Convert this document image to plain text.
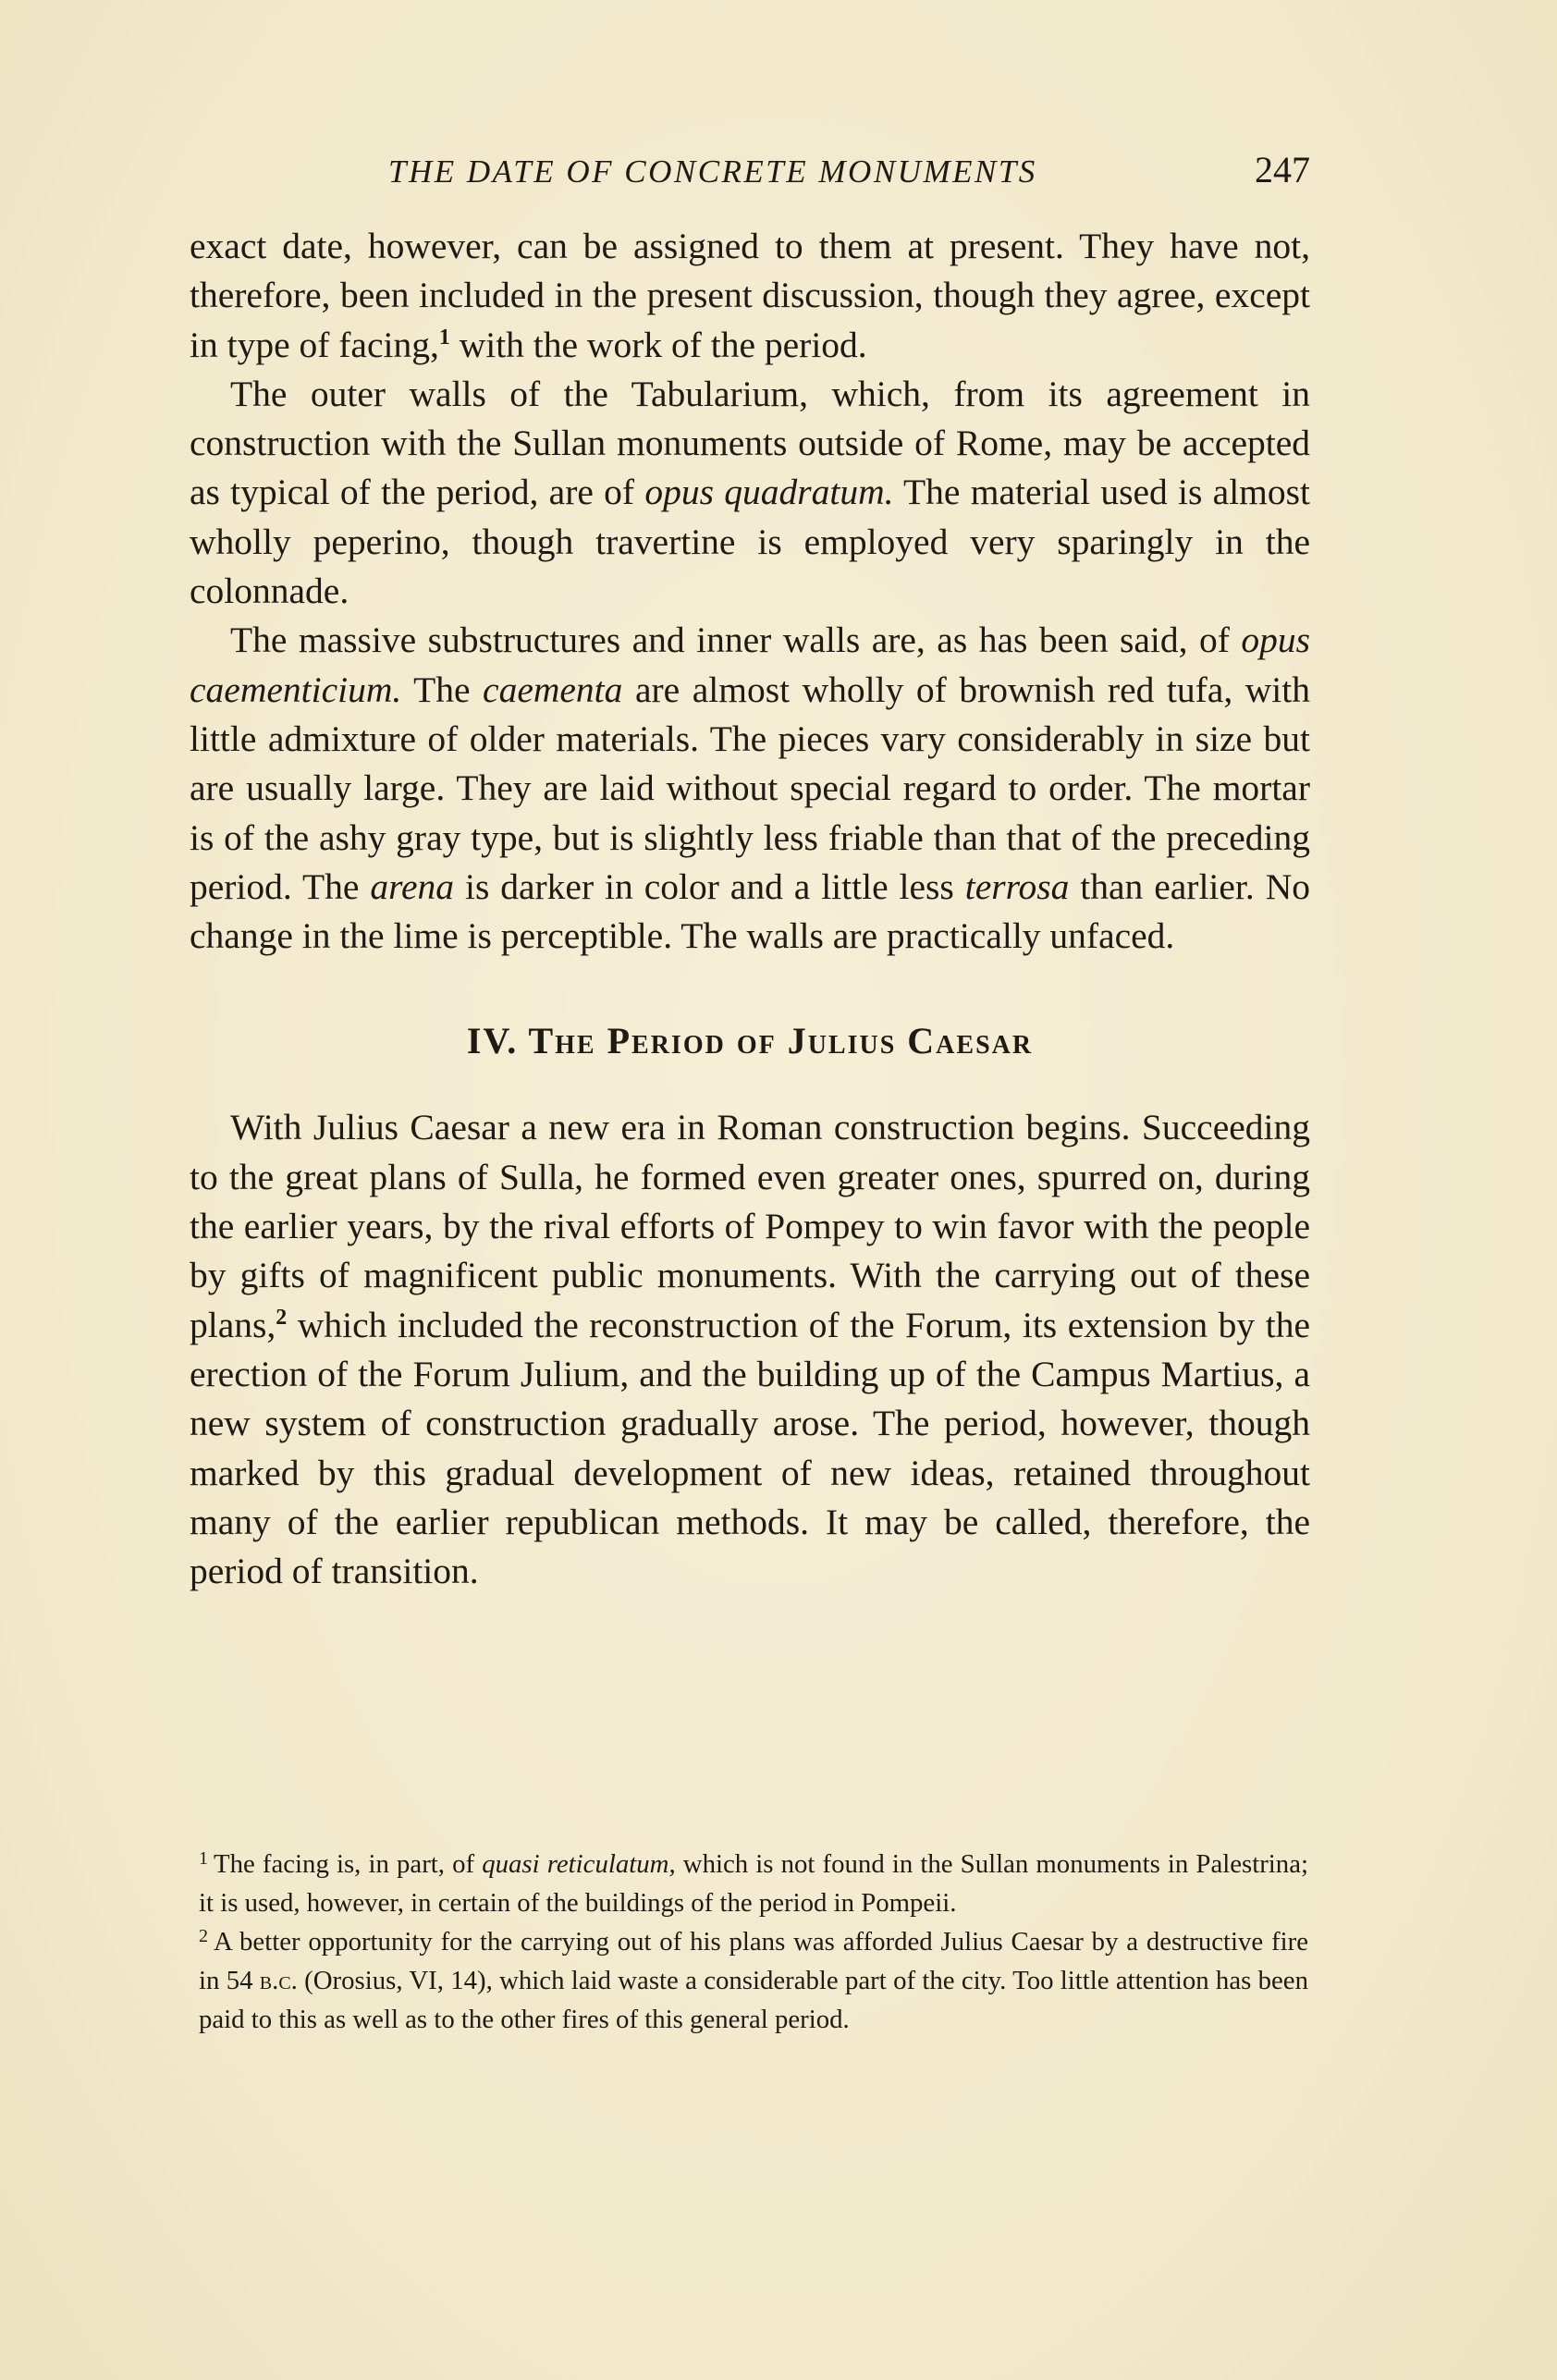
THE DATE OF CONCRETE MONUMENTS	247

exact date, however, can be assigned to them at present. They have not, therefore, been included in the present discussion, though they agree, except in type of facing,$^1$ with the work of the period.

The outer walls of the Tabularium, which, from its agreement in construction with the Sullan monuments outside of Rome, may be accepted as typical of the period, are of opus quadratum. The material used is almost wholly peperino, though travertine is employed very sparingly in the colonnade.

The massive substructures and inner walls are, as has been said, of opus caementicium. The caementa are almost wholly of brownish red tufa, with little admixture of older materials. The pieces vary considerably in size but are usually large. They are laid without special regard to order. The mortar is of the ashy gray type, but is slightly less friable than that of the preceding period. The arena is darker in color and a little less terrosa than earlier. No change in the lime is perceptible. The walls are practically unfaced.

IV. The Period of Julius Caesar

With Julius Caesar a new era in Roman construction begins. Succeeding to the great plans of Sulla, he formed even greater ones, spurred on, during the earlier years, by the rival efforts of Pompey to win favor with the people by gifts of magnificent public monuments. With the carrying out of these plans,$^2$ which included the reconstruction of the Forum, its extension by the erection of the Forum Julium, and the building up of the Campus Martius, a new system of construction gradually arose. The period, however, though marked by this gradual development of new ideas, retained throughout many of the earlier republican methods. It may be called, therefore, the period of transition.

$^1$ The facing is, in part, of quasi reticulatum, which is not found in the Sullan monuments in Palestrina; it is used, however, in certain of the buildings of the period in Pompeii.

$^2$ A better opportunity for the carrying out of his plans was afforded Julius Caesar by a destructive fire in 54 b.c. (Orosius, VI, 14), which laid waste a considerable part of the city. Too little attention has been paid to this as well as to the other fires of this general period.
